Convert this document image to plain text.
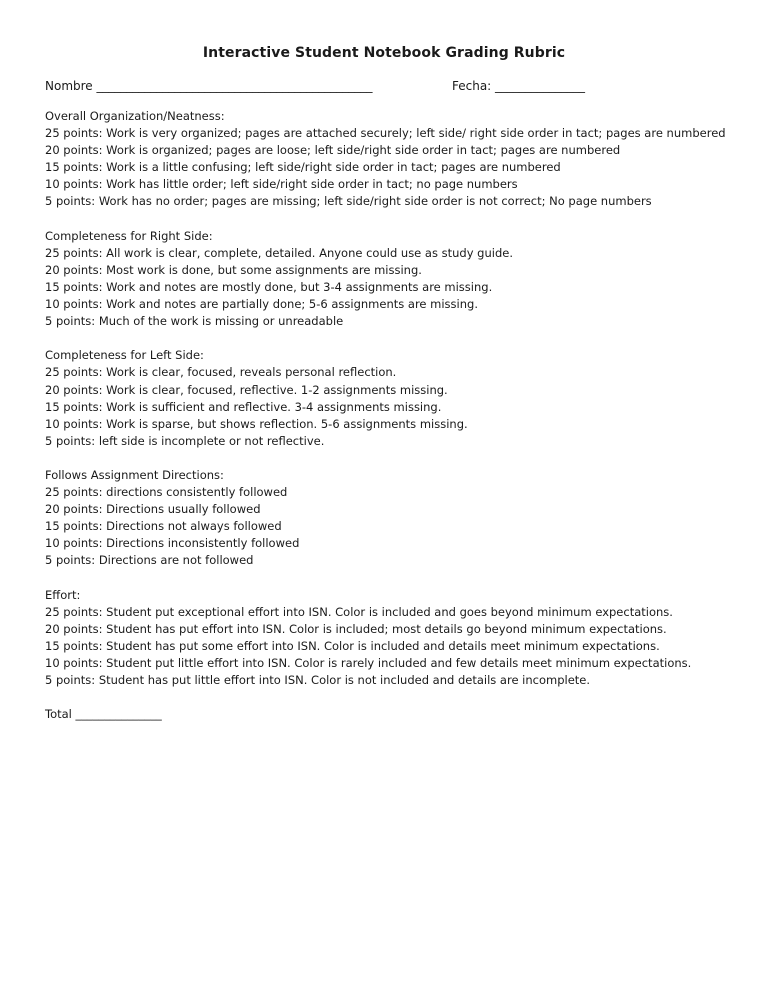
Interactive Student Notebook Grading Rubric
Nombre ______________________________________________	Fecha: _______________

Overall Organization/Neatness:

25 points: Work is very organized; pages are attached securely; left side/ right side order in tact; pages are numbered

20 points: Work is organized; pages are loose; left side/right side order in tact; pages are numbered

15 points: Work is a little confusing; left side/right side order in tact; pages are numbered

10 points: Work has little order; left side/right side order in tact; no page numbers

5 points: Work has no order; pages are missing; left side/right side order is not correct; No page numbers

Completeness for Right Side:

25 points: All work is clear, complete, detailed. Anyone could use as study guide.

20 points: Most work is done, but some assignments are missing.

15 points: Work and notes are mostly done, but 3-4 assignments are missing.

10 points: Work and notes are partially done; 5-6 assignments are missing.

5 points: Much of the work is missing or unreadable

Completeness for Left Side:

25 points: Work is clear, focused, reveals personal reflection.

20 points: Work is clear, focused, reflective. 1-2 assignments missing.

15 points: Work is sufficient and reflective. 3-4 assignments missing.

10 points: Work is sparse, but shows reflection. 5-6 assignments missing.

5 points: left side is incomplete or not reflective.

Follows Assignment Directions:

25 points: directions consistently followed

20 points: Directions usually followed

15 points: Directions not always followed

10 points: Directions inconsistently followed

5 points: Directions are not followed

Effort:

25 points: Student put exceptional effort into ISN. Color is included and goes beyond minimum expectations.

20 points: Student has put effort into ISN. Color is included; most details go beyond minimum expectations.

15 points: Student has put some effort into ISN. Color is included and details meet minimum expectations.

10 points: Student put little effort into ISN. Color is rarely included and few details meet minimum expectations.

5 points: Student has put little effort into ISN. Color is not included and details are incomplete.

Total _______________
